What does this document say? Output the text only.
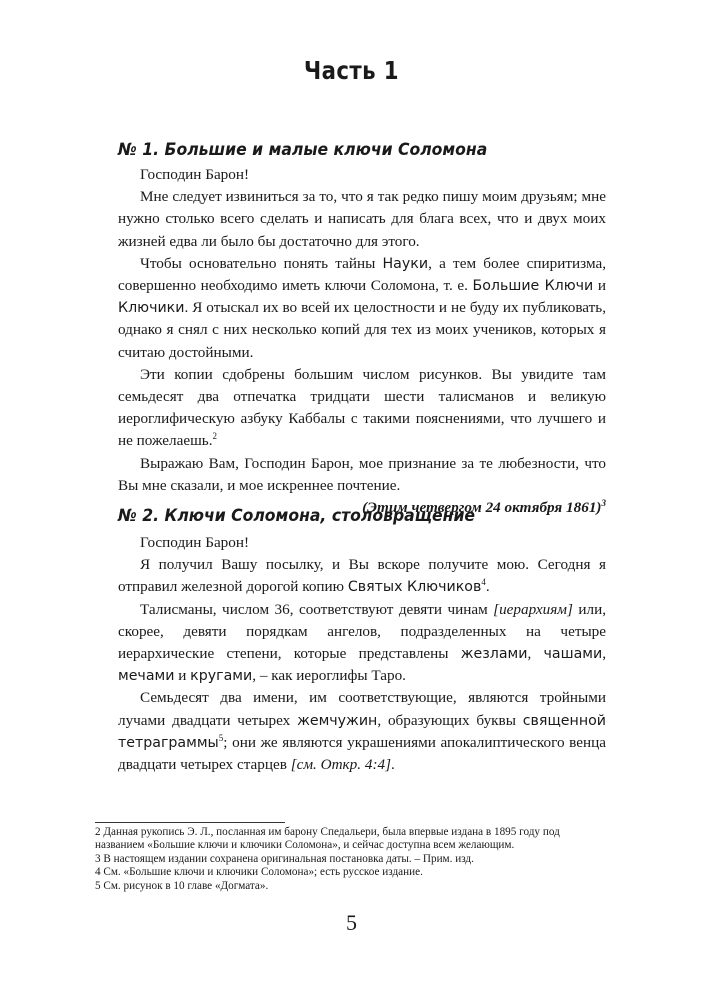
Часть 1
№ 1. Большие и малые ключи Соломона

Господин Барон!

Мне следует извиниться за то, что я так редко пишу моим друзьям; мне нужно столько всего сделать и написать для блага всех, что и двух моих жизней едва ли было бы достаточно для этого.

Чтобы основательно понять тайны Науки, а тем более спиритизма, совершенно необходимо иметь ключи Соломона, т. е. Большие Ключи и Ключики. Я отыскал их во всей их целостности и не буду их публиковать, однако я снял с них несколько копий для тех из моих учеников, которых я считаю достойными.

Эти копии сдобрены большим числом рисунков. Вы увидите там семьдесят два отпечатка тридцати шести талисманов и великую иероглифическую азбуку Каббалы с такими пояснениями, что лучшего и не пожелаешь.$^2$

Выражаю Вам, Господин Барон, мое признание за те любезности, что Вы мне сказали, и мое искреннее почтение.

(Этим четвергом 24 октября 1861)$^3$

№ 2. Ключи Соломона, столовращение

Господин Барон!

Я получил Вашу посылку, и Вы вскоре получите мою. Сегодня я отправил железной дорогой копию Святых Ключиков$^4$.

Талисманы, числом 36, соответствуют девяти чинам [иерархиям] или, скорее, девяти порядкам ангелов, подразделенных на четыре иерархические степени, которые представлены жезлами, чашами, мечами и кругами, – как иероглифы Таро.

Семьдесят два имени, им соответствующие, являются тройными лучами двадцати четырех жемчужин, образующих буквы священной тетраграммы$^5$; они же являются украшениями апокалиптического венца двадцати четырех старцев [см. Откр. 4:4].

2 Данная рукопись Э. Л., посланная им барону Спедальери, была впервые издана в 1895 году под названием «Большие ключи и ключики Соломона», и сейчас доступна всем желающим.
3 В настоящем издании сохранена оригинальная постановка даты. – Прим. изд.
4 См. «Большие ключи и ключики Соломона»; есть русское издание.
5 См. рисунок в 10 главе «Догмата».
5
